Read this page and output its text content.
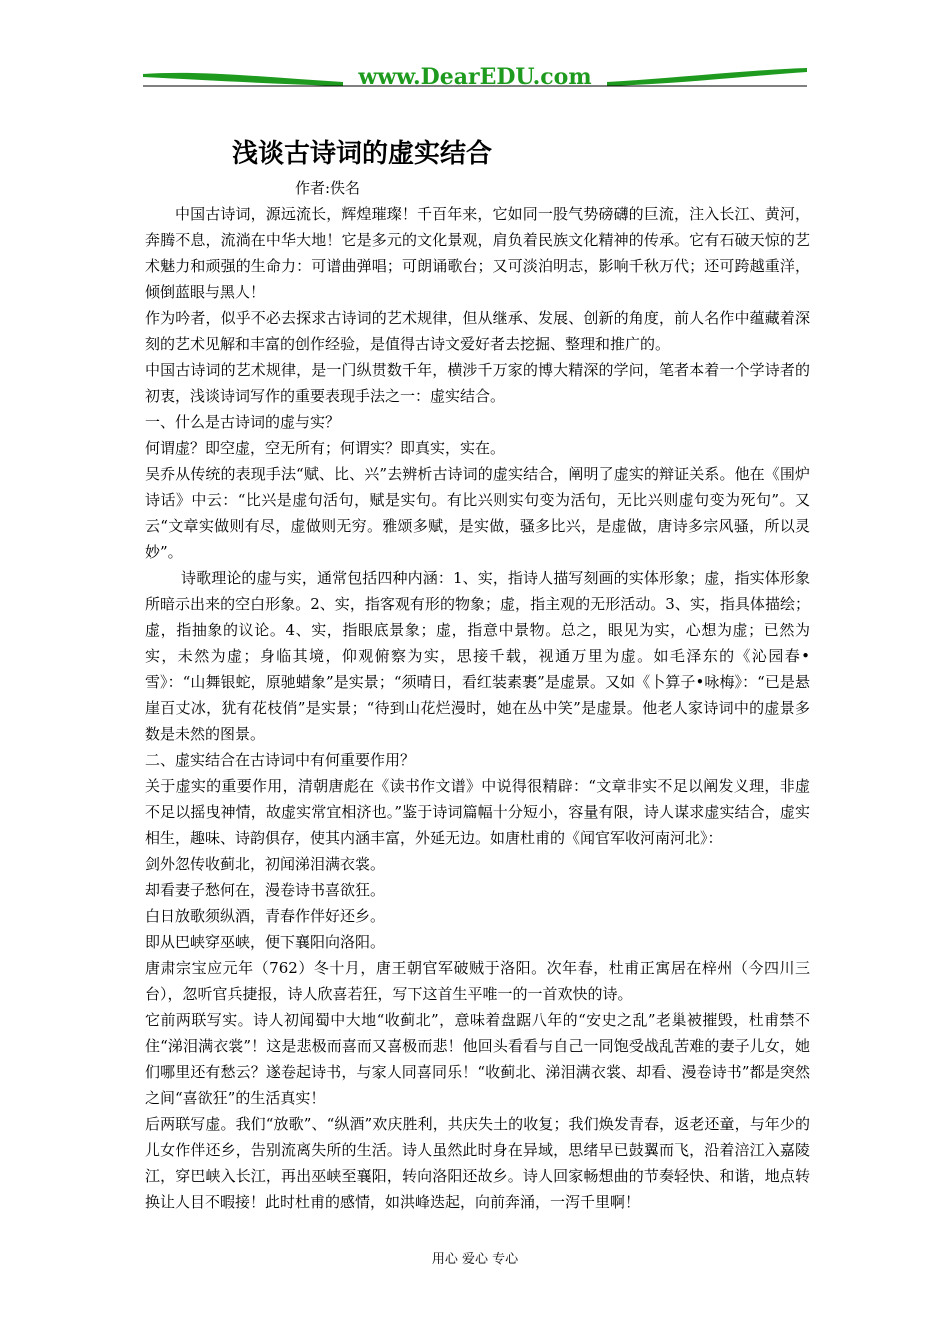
www.DearEDU.com
浅谈古诗词的虚实结合
作者:佚名

中国古诗词，源远流长，辉煌璀璨！千百年来，它如同一股气势磅礴的巨流，注入长江、黄河，奔腾不息，流淌在中华大地！它是多元的文化景观，肩负着民族文化精神的传承。它有石破天惊的艺术魅力和顽强的生命力：可谱曲弹唱；可朗诵歌台；又可淡泊明志，影响千秋万代；还可跨越重洋，倾倒蓝眼与黑人！

作为吟者，似乎不必去探求古诗词的艺术规律，但从继承、发展、创新的角度，前人名作中蕴藏着深刻的艺术见解和丰富的创作经验，是值得古诗文爱好者去挖掘、整理和推广的。

中国古诗词的艺术规律，是一门纵贯数千年，横涉千万家的博大精深的学问，笔者本着一个学诗者的初衷，浅谈诗词写作的重要表现手法之一：虚实结合。

一、什么是古诗词的虚与实？

何谓虚？即空虚，空无所有；何谓实？即真实，实在。

吴乔从传统的表现手法“赋、比、兴”去辨析古诗词的虚实结合，阐明了虚实的辩证关系。他在《围炉诗话》中云：“比兴是虚句活句，赋是实句。有比兴则实句变为活句，无比兴则虚句变为死句”。又云“文章实做则有尽，虚做则无穷。雅颂多赋，是实做，骚多比兴，是虚做，唐诗多宗风骚，所以灵妙”。

诗歌理论的虚与实，通常包括四种内涵：1、实，指诗人描写刻画的实体形象；虚，指实体形象所暗示出来的空白形象。2、实，指客观有形的物象；虚，指主观的无形活动。3、实，指具体描绘；虚，指抽象的议论。4、实，指眼底景象；虚，指意中景物。总之，眼见为实，心想为虚；已然为实，未然为虚；身临其境，仰观俯察为实，思接千载，视通万里为虚。如毛泽东的《沁园春•雪》：“山舞银蛇，原驰蜡象”是实景；“须晴日，看红装素裹”是虚景。又如《卜算子•咏梅》：“已是悬崖百丈冰，犹有花枝俏”是实景；“待到山花烂漫时，她在丛中笑”是虚景。他老人家诗词中的虚景多数是未然的图景。

二、虚实结合在古诗词中有何重要作用？

关于虚实的重要作用，清朝唐彪在《读书作文谱》中说得很精辟：“文章非实不足以阐发义理，非虚不足以摇曳神情，故虚实常宜相济也。”鉴于诗词篇幅十分短小，容量有限，诗人谋求虚实结合，虚实相生，趣味、诗韵俱存，使其内涵丰富，外延无边。如唐杜甫的《闻官军收河南河北》：

剑外忽传收蓟北，初闻涕泪满衣裳。

却看妻子愁何在，漫卷诗书喜欲狂。

白日放歌须纵酒，青春作伴好还乡。

即从巴峡穿巫峡，便下襄阳向洛阳。

唐肃宗宝应元年（762）冬十月，唐王朝官军破贼于洛阳。次年春，杜甫正寓居在梓州（今四川三台），忽听官兵捷报，诗人欣喜若狂，写下这首生平唯一的一首欢快的诗。

它前两联写实。诗人初闻蜀中大地“收蓟北”，意味着盘踞八年的“安史之乱”老巢被摧毁，杜甫禁不住“涕泪满衣裳”！这是悲极而喜而又喜极而悲！他回头看看与自己一同饱受战乱苦难的妻子儿女，她们哪里还有愁云？遂卷起诗书，与家人同喜同乐！“收蓟北、涕泪满衣裳、却看、漫卷诗书”都是突然之间“喜欲狂”的生活真实！

后两联写虚。我们“放歌”、“纵酒”欢庆胜利，共庆失土的收复；我们焕发青春，返老还童，与年少的儿女作伴还乡，告别流离失所的生活。诗人虽然此时身在异域，思绪早已鼓翼而飞，沿着涪江入嘉陵江，穿巴峡入长江，再出巫峡至襄阳，转向洛阳还故乡。诗人回家畅想曲的节奏轻快、和谐，地点转换让人目不暇接！此时杜甫的感情，如洪峰迭起，向前奔涌，一泻千里啊！

用心 爱心 专心
